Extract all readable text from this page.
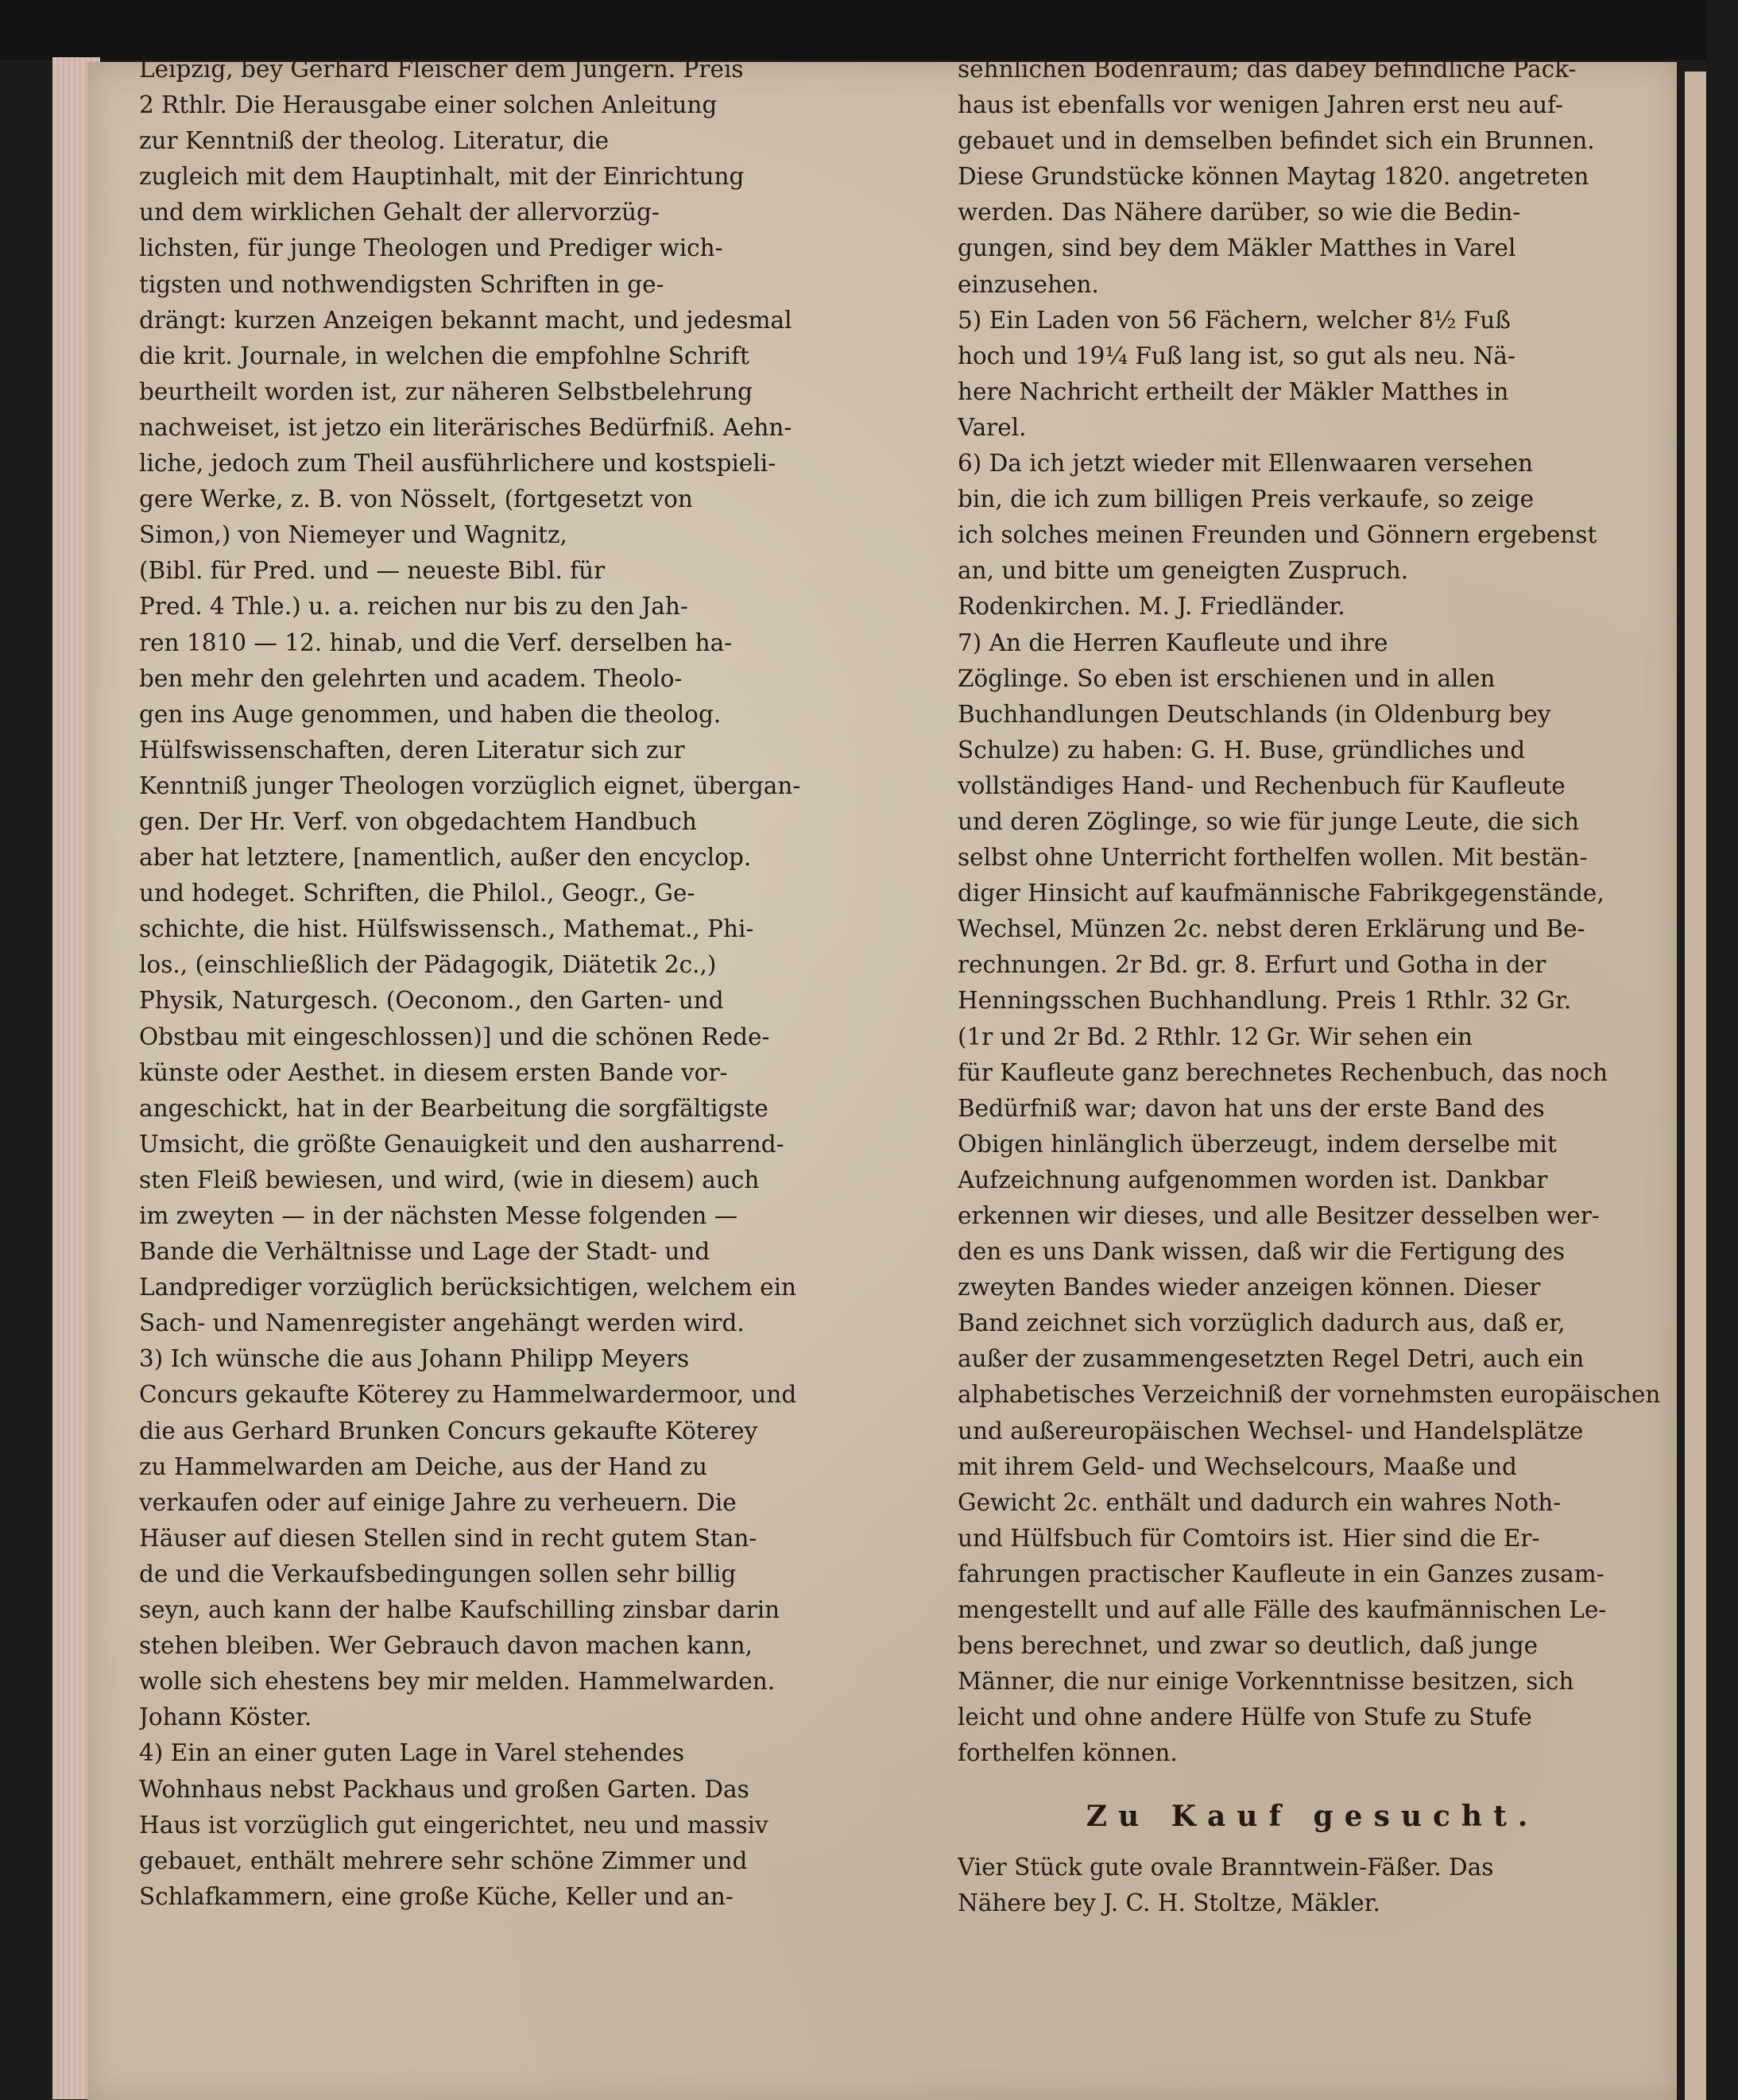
Leipzig, bey Gerhard Fleischer dem Jüngern. Preis
2 Rthlr. Die Herausgabe einer solchen Anleitung
zur Kenntniß der theolog. Literatur, die
zugleich mit dem Hauptinhalt, mit der Einrichtung
und dem wirklichen Gehalt der allervorzüg-
lichsten, für junge Theologen und Prediger wich-
tigsten und nothwendigsten Schriften in ge-
drängt: kurzen Anzeigen bekannt macht, und jedesmal
die krit. Journale, in welchen die empfohlne Schrift
beurtheilt worden ist, zur näheren Selbstbelehrung
nachweiset, ist jetzo ein literärisches Bedürfniß. Aehn-
liche, jedoch zum Theil ausführlichere und kostspieli-
gere Werke, z. B. von Nösselt, (fortgesetzt von
Simon,) von Niemeyer und Wagnitz,
(Bibl. für Pred. und — neueste Bibl. für
Pred. 4 Thle.) u. a. reichen nur bis zu den Jah-
ren 1810 — 12. hinab, und die Verf. derselben ha-
ben mehr den gelehrten und academ. Theolo-
gen ins Auge genommen, und haben die theolog.
Hülfswissenschaften, deren Literatur sich zur
Kenntniß junger Theologen vorzüglich eignet, übergan-
gen. Der Hr. Verf. von obgedachtem Handbuch
aber hat letztere, [namentlich, außer den encyclop.
und hodeget. Schriften, die Philol., Geogr., Ge-
schichte, die hist. Hülfswissensch., Mathemat., Phi-
los., (einschließlich der Pädagogik, Diätetik 2c.,)
Physik, Naturgesch. (Oeconom., den Garten- und
Obstbau mit eingeschlossen)] und die schönen Rede-
künste oder Aesthet. in diesem ersten Bande vor-
angeschickt, hat in der Bearbeitung die sorgfältigste
Umsicht, die größte Genauigkeit und den ausharrend-
sten Fleiß bewiesen, und wird, (wie in diesem) auch
im zweyten — in der nächsten Messe folgenden —
Bande die Verhältnisse und Lage der Stadt- und
Landprediger vorzüglich berücksichtigen, welchem ein
Sach- und Namenregister angehängt werden wird.
3) Ich wünsche die aus Johann Philipp Meyers
Concurs gekaufte Köterey zu Hammelwardermoor, und
die aus Gerhard Brunken Concurs gekaufte Köterey
zu Hammelwarden am Deiche, aus der Hand zu
verkaufen oder auf einige Jahre zu verheuern. Die
Häuser auf diesen Stellen sind in recht gutem Stan-
de und die Verkaufsbedingungen sollen sehr billig
seyn, auch kann der halbe Kaufschilling zinsbar darin
stehen bleiben. Wer Gebrauch davon machen kann,
wolle sich ehestens bey mir melden. Hammelwarden.
Johann Köster.
4) Ein an einer guten Lage in Varel stehendes
Wohnhaus nebst Packhaus und großen Garten. Das
Haus ist vorzüglich gut eingerichtet, neu und massiv
gebauet, enthält mehrere sehr schöne Zimmer und
Schlafkammern, eine große Küche, Keller und an-
sehnlichen Bodenraum; das dabey befindliche Pack-
haus ist ebenfalls vor wenigen Jahren erst neu auf-
gebauet und in demselben befindet sich ein Brunnen.
Diese Grundstücke können Maytag 1820. angetreten
werden. Das Nähere darüber, so wie die Bedin-
gungen, sind bey dem Mäkler Matthes in Varel
einzusehen.
5) Ein Laden von 56 Fächern, welcher 8½ Fuß
hoch und 19¼ Fuß lang ist, so gut als neu. Nä-
here Nachricht ertheilt der Mäkler Matthes in
Varel.
6) Da ich jetzt wieder mit Ellenwaaren versehen
bin, die ich zum billigen Preis verkaufe, so zeige
ich solches meinen Freunden und Gönnern ergebenst
an, und bitte um geneigten Zuspruch.
Rodenkirchen. M. J. Friedländer.
7) An die Herren Kaufleute und ihre
Zöglinge. So eben ist erschienen und in allen
Buchhandlungen Deutschlands (in Oldenburg bey
Schulze) zu haben: G. H. Buse, gründliches und
vollständiges Hand- und Rechenbuch für Kaufleute
und deren Zöglinge, so wie für junge Leute, die sich
selbst ohne Unterricht forthelfen wollen. Mit bestän-
diger Hinsicht auf kaufmännische Fabrikgegenstände,
Wechsel, Münzen 2c. nebst deren Erklärung und Be-
rechnungen. 2r Bd. gr. 8. Erfurt und Gotha in der
Henningsschen Buchhandlung. Preis 1 Rthlr. 32 Gr.
(1r und 2r Bd. 2 Rthlr. 12 Gr. Wir sehen ein
für Kaufleute ganz berechnetes Rechenbuch, das noch
Bedürfniß war; davon hat uns der erste Band des
Obigen hinlänglich überzeugt, indem derselbe mit
Aufzeichnung aufgenommen worden ist. Dankbar
erkennen wir dieses, und alle Besitzer desselben wer-
den es uns Dank wissen, daß wir die Fertigung des
zweyten Bandes wieder anzeigen können. Dieser
Band zeichnet sich vorzüglich dadurch aus, daß er,
außer der zusammengesetzten Regel Detri, auch ein
alphabetisches Verzeichniß der vornehmsten europäischen
und außereuropäischen Wechsel- und Handelsplätze
mit ihrem Geld- und Wechselcours, Maaße und
Gewicht 2c. enthält und dadurch ein wahres Noth-
und Hülfsbuch für Comtoirs ist. Hier sind die Er-
fahrungen practischer Kaufleute in ein Ganzes zusam-
mengestellt und auf alle Fälle des kaufmännischen Le-
bens berechnet, und zwar so deutlich, daß junge
Männer, die nur einige Vorkenntnisse besitzen, sich
leicht und ohne andere Hülfe von Stufe zu Stufe
forthelfen können.
Zu Kauf gesucht.
Vier Stück gute ovale Branntwein-Fäßer. Das
Nähere bey J. C. H. Stoltze, Mäkler.
